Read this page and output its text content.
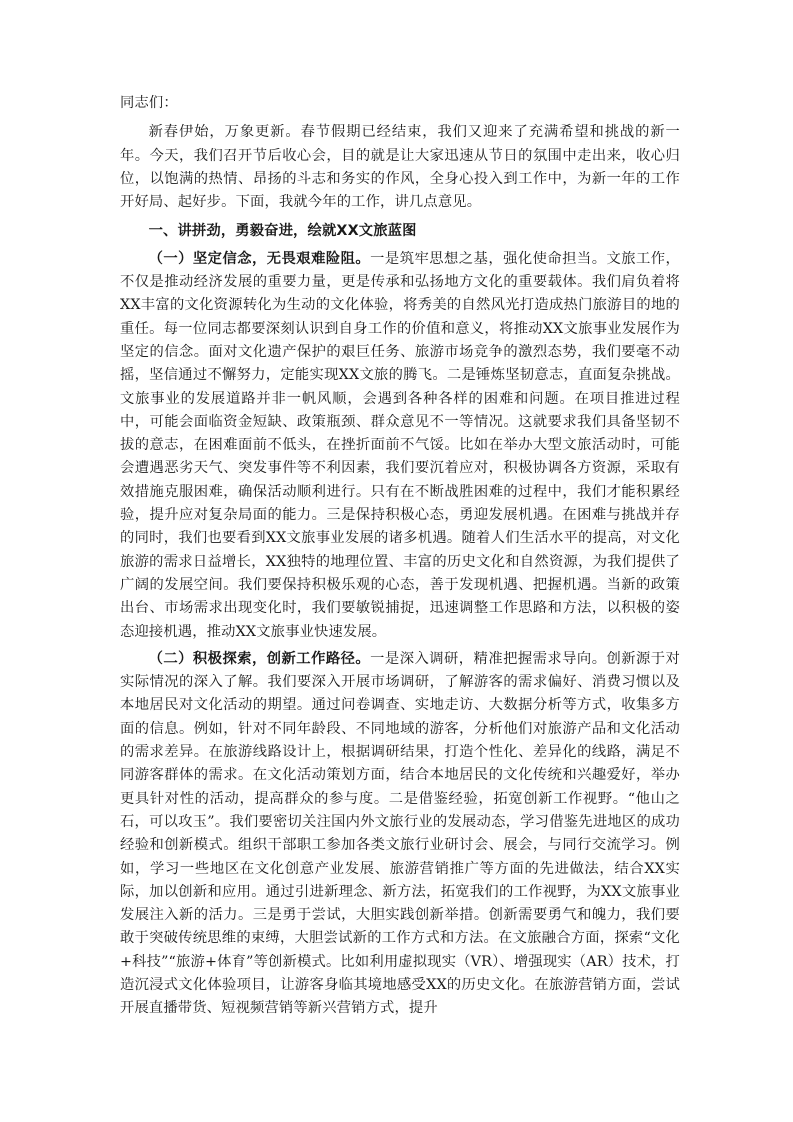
同志们：

新春伊始，万象更新。春节假期已经结束，我们又迎来了充满希望和挑战的新一年。今天，我们召开节后收心会，目的就是让大家迅速从节日的氛围中走出来，收心归位，以饱满的热情、昂扬的斗志和务实的作风，全身心投入到工作中，为新一年的工作开好局、起好步。下面，我就今年的工作，讲几点意见。

一、讲拼劲，勇毅奋进，绘就XX文旅蓝图

（一）坚定信念，无畏艰难险阻。一是筑牢思想之基，强化使命担当。文旅工作，不仅是推动经济发展的重要力量，更是传承和弘扬地方文化的重要载体。我们肩负着将XX丰富的文化资源转化为生动的文化体验，将秀美的自然风光打造成热门旅游目的地的重任。每一位同志都要深刻认识到自身工作的价值和意义，将推动XX文旅事业发展作为坚定的信念。面对文化遗产保护的艰巨任务、旅游市场竞争的激烈态势，我们要毫不动摇，坚信通过不懈努力，定能实现XX文旅的腾飞。二是锤炼坚韧意志，直面复杂挑战。文旅事业的发展道路并非一帆风顺，会遇到各种各样的困难和问题。在项目推进过程中，可能会面临资金短缺、政策瓶颈、群众意见不一等情况。这就要求我们具备坚韧不拔的意志，在困难面前不低头，在挫折面前不气馁。比如在举办大型文旅活动时，可能会遭遇恶劣天气、突发事件等不利因素，我们要沉着应对，积极协调各方资源，采取有效措施克服困难，确保活动顺利进行。只有在不断战胜困难的过程中，我们才能积累经验，提升应对复杂局面的能力。三是保持积极心态，勇迎发展机遇。在困难与挑战并存的同时，我们也要看到XX文旅事业发展的诸多机遇。随着人们生活水平的提高，对文化旅游的需求日益增长，XX独特的地理位置、丰富的历史文化和自然资源，为我们提供了广阔的发展空间。我们要保持积极乐观的心态，善于发现机遇、把握机遇。当新的政策出台、市场需求出现变化时，我们要敏锐捕捉，迅速调整工作思路和方法，以积极的姿态迎接机遇，推动XX文旅事业快速发展。

（二）积极探索，创新工作路径。一是深入调研，精准把握需求导向。创新源于对实际情况的深入了解。我们要深入开展市场调研，了解游客的需求偏好、消费习惯以及本地居民对文化活动的期望。通过问卷调查、实地走访、大数据分析等方式，收集多方面的信息。例如，针对不同年龄段、不同地域的游客，分析他们对旅游产品和文化活动的需求差异。在旅游线路设计上，根据调研结果，打造个性化、差异化的线路，满足不同游客群体的需求。在文化活动策划方面，结合本地居民的文化传统和兴趣爱好，举办更具针对性的活动，提高群众的参与度。二是借鉴经验，拓宽创新工作视野。“他山之石，可以攻玉”。我们要密切关注国内外文旅行业的发展动态，学习借鉴先进地区的成功经验和创新模式。组织干部职工参加各类文旅行业研讨会、展会，与同行交流学习。例如，学习一些地区在文化创意产业发展、旅游营销推广等方面的先进做法，结合XX实际，加以创新和应用。通过引进新理念、新方法，拓宽我们的工作视野，为XX文旅事业发展注入新的活力。三是勇于尝试，大胆实践创新举措。创新需要勇气和魄力，我们要敢于突破传统思维的束缚，大胆尝试新的工作方式和方法。在文旅融合方面，探索“文化+科技”“旅游+体育”等创新模式。比如利用虚拟现实（VR）、增强现实（AR）技术，打造沉浸式文化体验项目，让游客身临其境地感受XX的历史文化。在旅游营销方面，尝试开展直播带货、短视频营销等新兴营销方式，提升
